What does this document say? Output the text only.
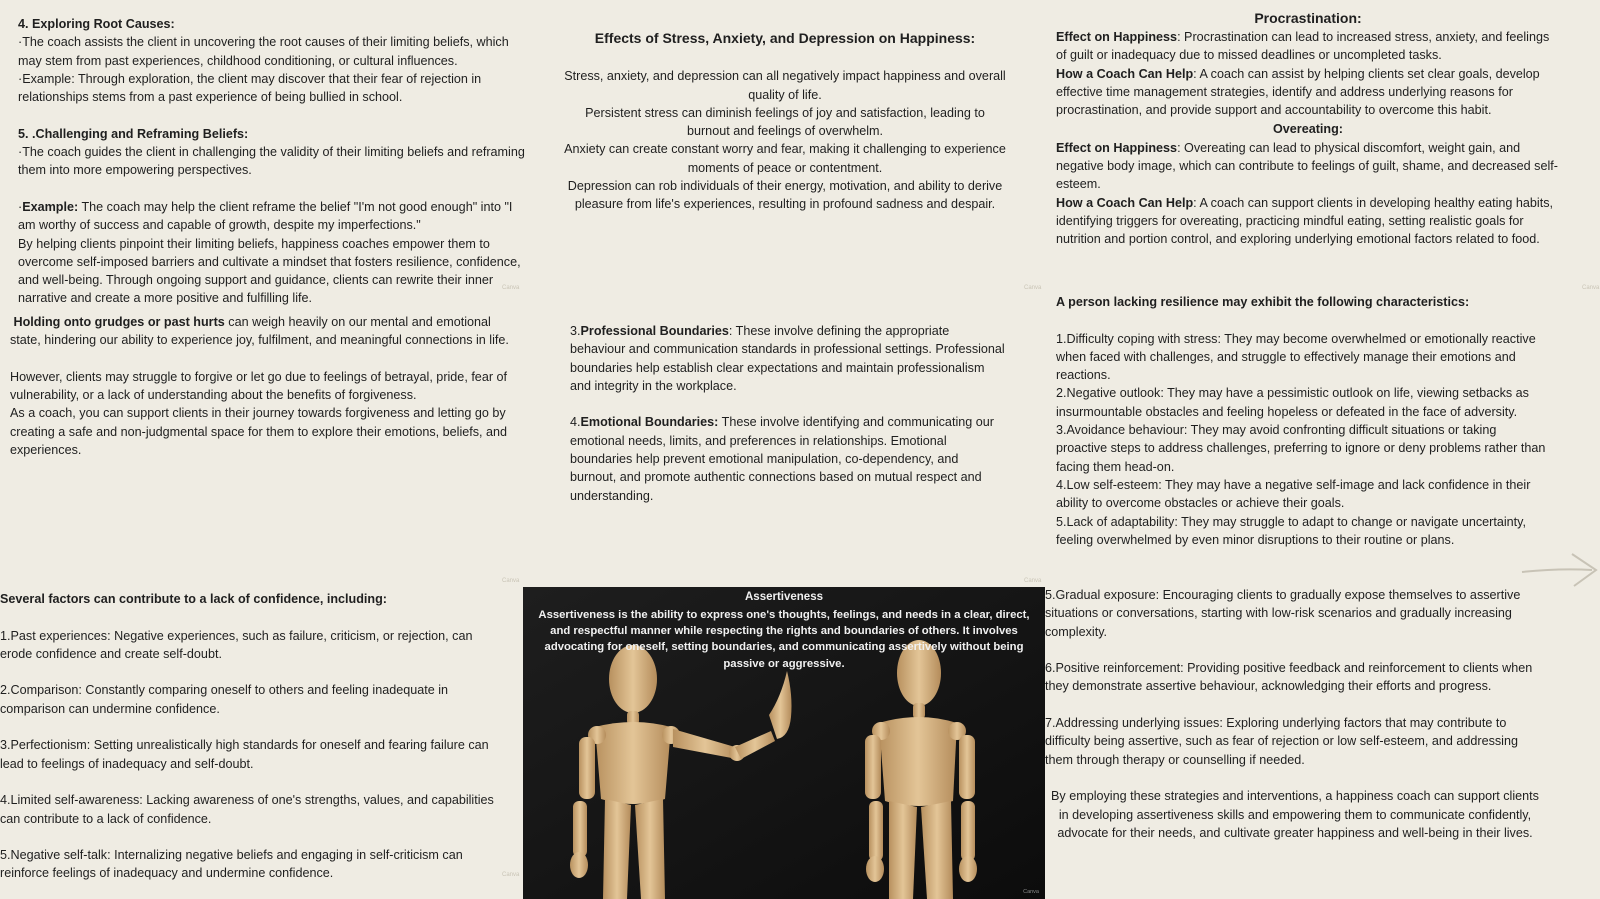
4. Exploring Root Causes:

·The coach assists the client in uncovering the root causes of their limiting beliefs, which may stem from past experiences, childhood conditioning, or cultural influences.

·Example: Through exploration, the client may discover that their fear of rejection in relationships stems from a past experience of being bullied in school.

5. .Challenging and Reframing Beliefs:

·The coach guides the client in challenging the validity of their limiting beliefs and reframing them into more empowering perspectives.

·Example: The coach may help the client reframe the belief "I'm not good enough" into "I am worthy of success and capable of growth, despite my imperfections."

By helping clients pinpoint their limiting beliefs, happiness coaches empower them to overcome self-imposed barriers and cultivate a mindset that fosters resilience, confidence, and well-being. Through ongoing support and guidance, clients can rewrite their inner narrative and create a more positive and fulfilling life.

Canva

Holding onto grudges or past hurts can weigh heavily on our mental and emotional state, hindering our ability to experience joy, fulfilment, and meaningful connections in life.

However, clients may struggle to forgive or let go due to feelings of betrayal, pride, fear of vulnerability, or a lack of understanding about the benefits of forgiveness.

As a coach, you can support clients in their journey towards forgiveness and letting go by creating a safe and non-judgmental space for them to explore their emotions, beliefs, and experiences.

Canva

Several factors can contribute to a lack of confidence, including:

1.Past experiences: Negative experiences, such as failure, criticism, or rejection, can erode confidence and create self-doubt.

2.Comparison: Constantly comparing oneself to others and feeling inadequate in comparison can undermine confidence.

3.Perfectionism: Setting unrealistically high standards for oneself and fearing failure can lead to feelings of inadequacy and self-doubt.

4.Limited self-awareness: Lacking awareness of one's strengths, values, and capabilities can contribute to a lack of confidence.

5.Negative self-talk: Internalizing negative beliefs and engaging in self-criticism can reinforce feelings of inadequacy and undermine confidence.	Canva

Effects of Stress, Anxiety, and Depression on Happiness:

Stress, anxiety, and depression can all negatively impact happiness and overall quality of life.

Persistent stress can diminish feelings of joy and satisfaction, leading to burnout and feelings of overwhelm.

Anxiety can create constant worry and fear, making it challenging to experience moments of peace or contentment.

Depression can rob individuals of their energy, motivation, and ability to derive pleasure from life's experiences, resulting in profound sadness and despair.

Canva

3.Professional Boundaries: These involve defining the appropriate behaviour and communication standards in professional settings. Professional boundaries help establish clear expectations and maintain professionalism and integrity in the workplace.

4.Emotional Boundaries: These involve identifying and communicating our emotional needs, limits, and preferences in relationships. Emotional boundaries help prevent emotional manipulation, co-dependency, and burnout, and promote authentic connections based on mutual respect and understanding.

Canva
Assertiveness
Assertiveness is the ability to express one's thoughts, feelings, and needs in a clear, direct, and respectful manner while respecting the rights and boundaries of others. It involves advocating for oneself, setting boundaries, and communicating assertively without being passive or aggressive.
Canva

Procrastination:

Effect on Happiness: Procrastination can lead to increased stress, anxiety, and feelings of guilt or inadequacy due to missed deadlines or uncompleted tasks.

How a Coach Can Help: A coach can assist by helping clients set clear goals, develop effective time management strategies, identify and address underlying reasons for procrastination, and provide support and accountability to overcome this habit.

Overeating:

Effect on Happiness: Overeating can lead to physical discomfort, weight gain, and negative body image, which can contribute to feelings of guilt, shame, and decreased self-esteem.

How a Coach Can Help: A coach can support clients in developing healthy eating habits, identifying triggers for overeating, practicing mindful eating, setting realistic goals for nutrition and portion control, and exploring underlying emotional factors related to food.

Canva

A person lacking resilience may exhibit the following characteristics:

1.Difficulty coping with stress: They may become overwhelmed or emotionally reactive when faced with challenges, and struggle to effectively manage their emotions and reactions.

2.Negative outlook: They may have a pessimistic outlook on life, viewing setbacks as insurmountable obstacles and feeling hopeless or defeated in the face of adversity.

3.Avoidance behaviour: They may avoid confronting difficult situations or taking proactive steps to address challenges, preferring to ignore or deny problems rather than facing them head-on.

4.Low self-esteem: They may have a negative self-image and lack confidence in their ability to overcome obstacles or achieve their goals.

5.Lack of adaptability: They may struggle to adapt to change or navigate uncertainty, feeling overwhelmed by even minor disruptions to their routine or plans.

5.Gradual exposure: Encouraging clients to gradually expose themselves to assertive situations or conversations, starting with low-risk scenarios and gradually increasing complexity.

6.Positive reinforcement: Providing positive feedback and reinforcement to clients when they demonstrate assertive behaviour, acknowledging their efforts and progress.

7.Addressing underlying issues: Exploring underlying factors that may contribute to difficulty being assertive, such as fear of rejection or low self-esteem, and addressing them through therapy or counselling if needed.

By employing these strategies and interventions, a happiness coach can support clients in developing assertiveness skills and empowering them to communicate confidently, advocate for their needs, and cultivate greater happiness and well-being in their lives.
